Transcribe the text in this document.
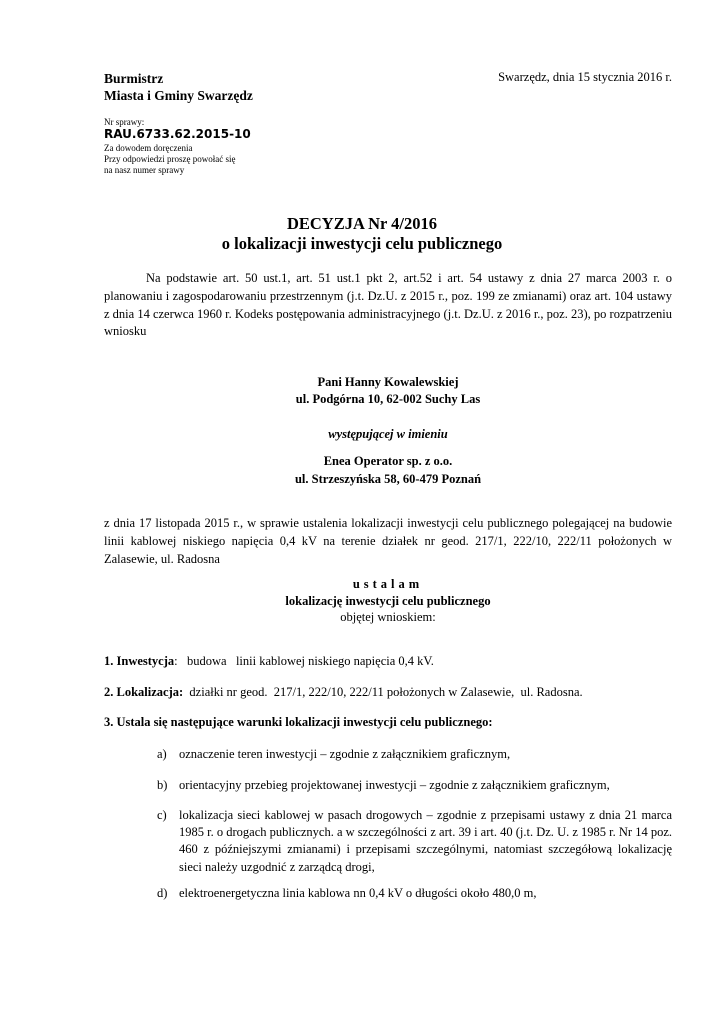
Burmistrz
Miasta i Gminy Swarzędz
Swarzędz, dnia 15 stycznia 2016 r.
Nr sprawy:
RAU.6733.62.2015-10
Za dowodem doręczenia
Przy odpowiedzi proszę powołać się
na nasz numer sprawy
DECYZJA Nr 4/2016
o lokalizacji inwestycji celu publicznego
Na podstawie art. 50 ust.1, art. 51 ust.1 pkt 2, art.52 i art. 54 ustawy z dnia 27 marca 2003 r. o planowaniu i zagospodarowaniu przestrzennym (j.t. Dz.U. z 2015 r., poz. 199 ze zmianami) oraz art. 104 ustawy z dnia 14 czerwca 1960 r. Kodeks postępowania administracyjnego (j.t. Dz.U. z 2016 r., poz. 23), po rozpatrzeniu wniosku
Pani Hanny Kowalewskiej
ul. Podgórna 10, 62-002 Suchy Las
występującej w imieniu
Enea Operator sp. z o.o.
ul. Strzeszyńska 58, 60-479 Poznań
z dnia 17 listopada 2015 r., w sprawie ustalenia lokalizacji inwestycji celu publicznego polegającej na budowie linii kablowej niskiego napięcia 0,4 kV na terenie działek nr geod. 217/1, 222/10, 222/11 położonych w Zalasewie, ul. Radosna
ustalam
lokalizację inwestycji celu publicznego
objętej wnioskiem:
1. Inwestycja:   budowa   linii kablowej niskiego napięcia 0,4 kV.
2. Lokalizacja:  działki nr geod.  217/1, 222/10, 222/11 położonych w Zalasewie,  ul. Radosna.
3. Ustala się następujące warunki lokalizacji inwestycji celu publicznego:
a) oznaczenie teren inwestycji – zgodnie z załącznikiem graficznym,
b) orientacyjny przebieg projektowanej inwestycji – zgodnie z załącznikiem graficznym,
c) lokalizacja sieci kablowej w pasach drogowych – zgodnie z przepisami ustawy z dnia 21 marca 1985 r. o drogach publicznych. a w szczególności z art. 39 i art. 40 (j.t. Dz. U. z 1985 r. Nr 14 poz. 460 z późniejszymi zmianami) i przepisami szczególnymi, natomiast szczegółową lokalizację sieci należy uzgodnić z zarządcą drogi,
d) elektroenergetyczna linia kablowa nn 0,4 kV o długości około 480,0 m,
